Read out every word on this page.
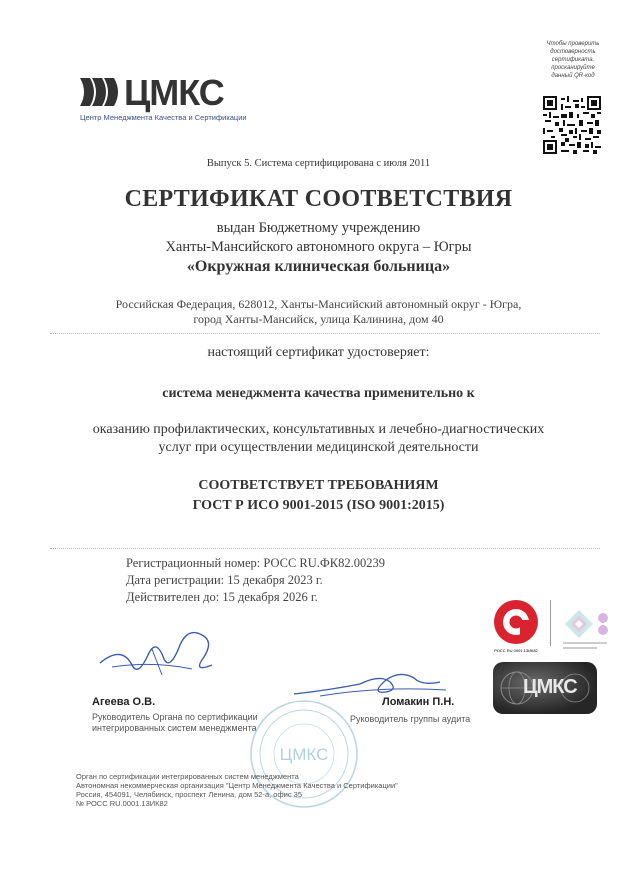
ЦМКС
Центр Менеджмента Качества и Сертификации
Чтобы проверить достоверность сертификата, просканируйте данный QR-код
Выпуск 5. Система сертифицирована с июля 2011
СЕРТИФИКАТ СООТВЕТСТВИЯ
выдан Бюджетному учреждению
Ханты-Мансийского автономного округа – Югры
«Окружная клиническая больница»
Российская Федерация, 628012, Ханты-Мансийский автономный округ - Югра,
город Ханты-Мансийск, улица Калинина, дом 40
настоящий сертификат удостоверяет:
система менеджмента качества применительно к
оказанию профилактических, консультативных и лечебно-диагностических
услуг при осуществлении медицинской деятельности
СООТВЕТСТВУЕТ ТРЕБОВАНИЯМ
ГОСТ Р ИСО 9001-2015 (ISO 9001:2015)
Регистрационный номер: РОСС RU.ФК82.00239
Дата регистрации: 15 декабря 2023 г.
Действителен до: 15 декабря 2026 г.
Агеева О.В.
Руководитель Органа по сертификации
интегрированных систем менеджмента
Ломакин П.Н.
Руководитель группы аудита
ЦМКС
РОСС RU.0001.13ИК82
ЦМКС
Орган по сертификации интегрированных систем менеджмента
Автономная некоммерческая организация "Центр Менеджмента Качества и Сертификации"
Россия, 454091, Челябинск, проспект Ленина, дом 52-а, офис 35
№ РОСС RU.0001.13ИК82
